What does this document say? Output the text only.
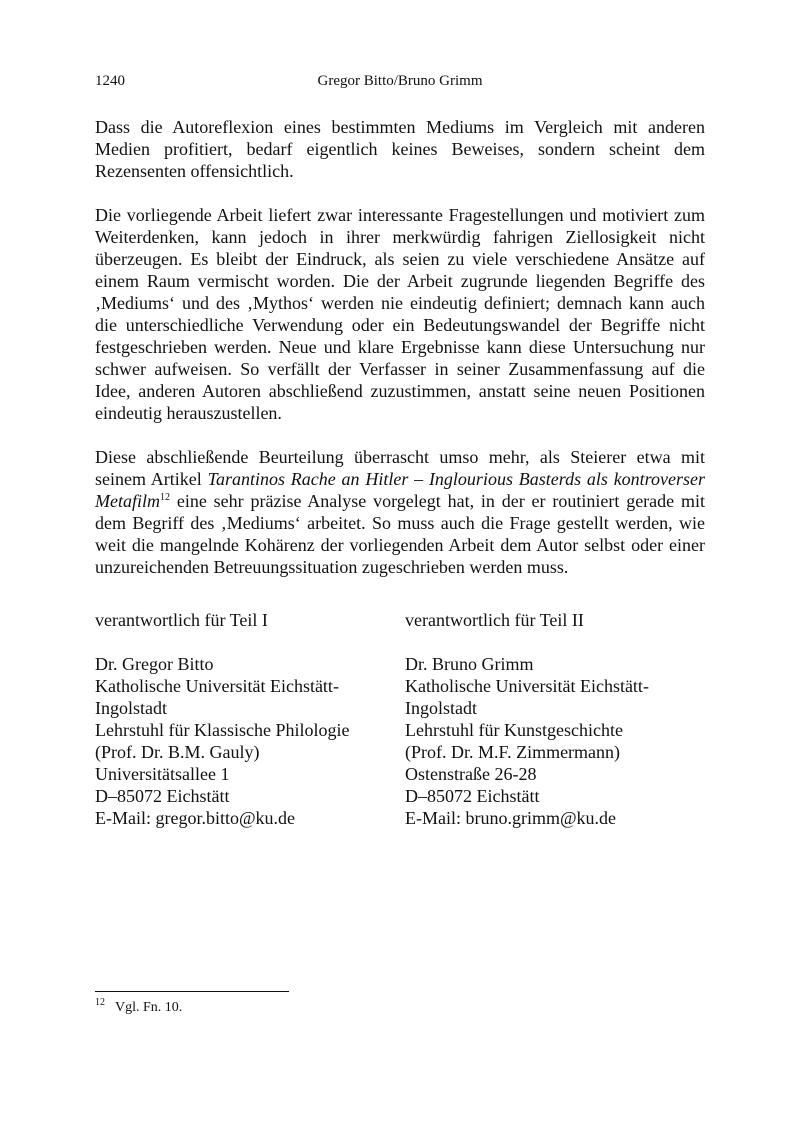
1240	Gregor Bitto/Bruno Grimm

Dass die Autoreflexion eines bestimmten Mediums im Vergleich mit anderen Medien profitiert, bedarf eigentlich keines Beweises, sondern scheint dem Rezensenten offensichtlich.

Die vorliegende Arbeit liefert zwar interessante Fragestellungen und motiviert zum Weiterdenken, kann jedoch in ihrer merkwürdig fahrigen Ziellosigkeit nicht überzeugen. Es bleibt der Eindruck, als seien zu viele verschiedene Ansätze auf einem Raum vermischt worden. Die der Arbeit zugrunde liegenden Begriffe des ‚Mediums‘ und des ‚Mythos‘ werden nie eindeutig definiert; demnach kann auch die unterschiedliche Verwendung oder ein Bedeutungswandel der Begriffe nicht festgeschrieben werden. Neue und klare Ergebnisse kann diese Untersuchung nur schwer aufweisen. So verfällt der Verfasser in seiner Zusammenfassung auf die Idee, anderen Autoren abschließend zuzustimmen, anstatt seine neuen Positionen eindeutig herauszustellen.

Diese abschließende Beurteilung überrascht umso mehr, als Steierer etwa mit seinem Artikel Tarantinos Rache an Hitler – Inglourious Basterds als kontroverser Metafilm$^{12}$ eine sehr präzise Analyse vorgelegt hat, in der er routiniert gerade mit dem Begriff des ‚Mediums‘ arbeitet. So muss auch die Frage gestellt werden, wie weit die mangelnde Kohärenz der vorliegenden Arbeit dem Autor selbst oder einer unzureichenden Betreuungssituation zugeschrieben werden muss.

verantwortlich für Teil I
Dr. Gregor Bitto
Katholische Universität Eichstätt-
Ingolstadt
Lehrstuhl für Klassische Philologie
(Prof. Dr. B.M. Gauly)
Universitätsallee 1
D–85072 Eichstätt
E-Mail: gregor.bitto@ku.de
verantwortlich für Teil II
Dr. Bruno Grimm
Katholische Universität Eichstätt-
Ingolstadt
Lehrstuhl für Kunstgeschichte
(Prof. Dr. M.F. Zimmermann)
Ostenstraße 26-28
D–85072 Eichstätt
E-Mail: bruno.grimm@ku.de
$^{12}$ Vgl. Fn. 10.
